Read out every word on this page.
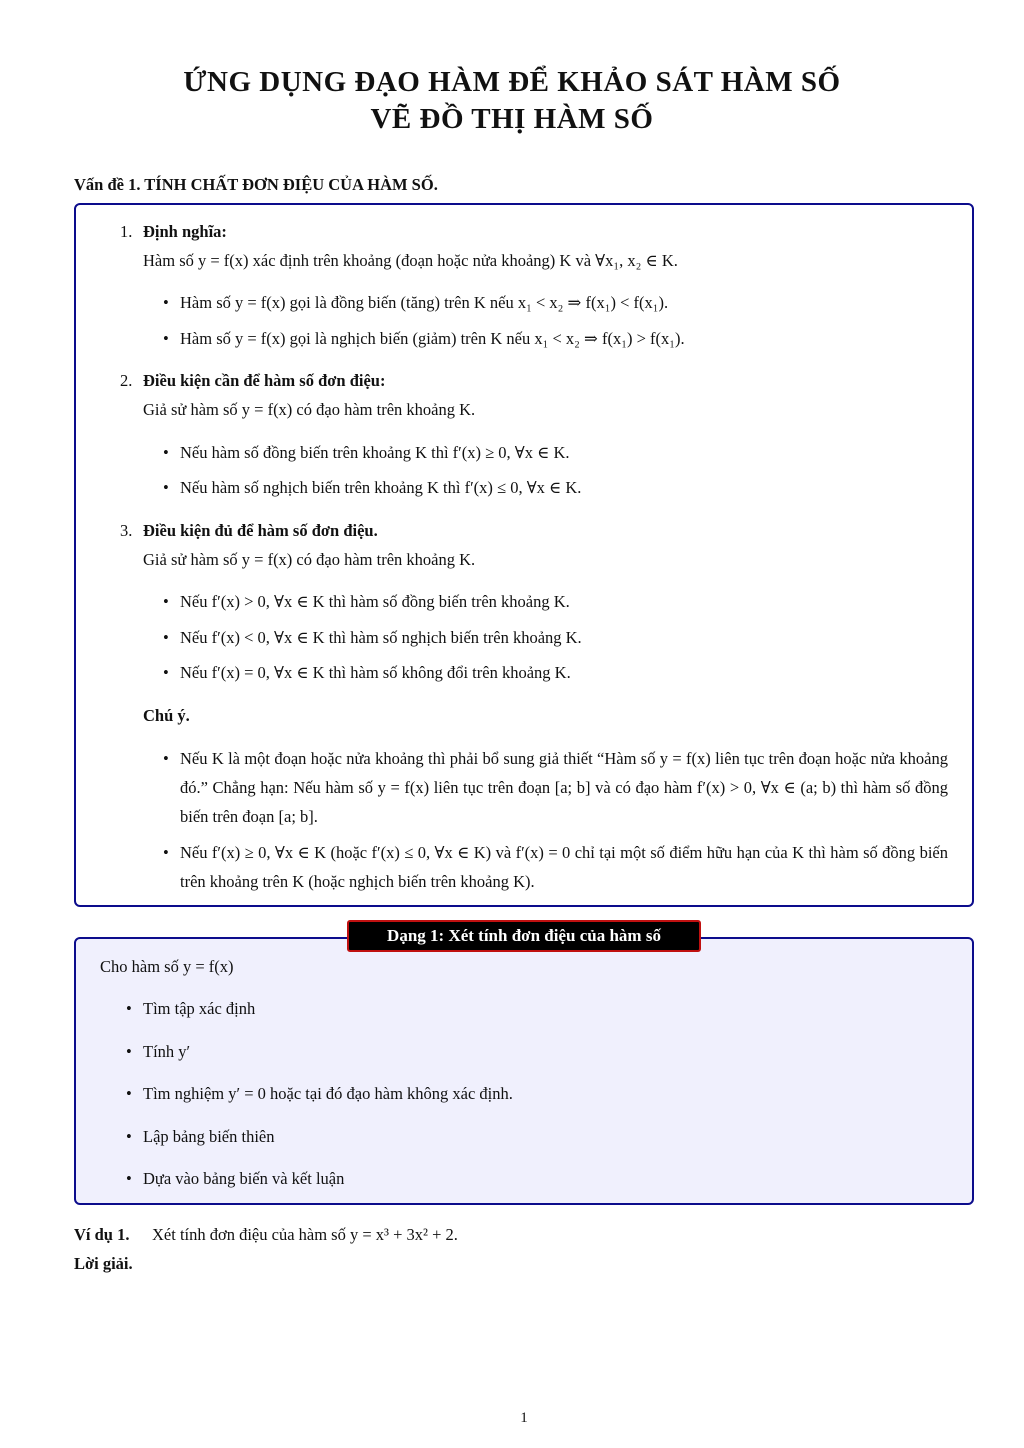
ỨNG DỤNG ĐẠO HÀM ĐỂ KHẢO SÁT HÀM SỐ
VẼ ĐỒ THỊ HÀM SỐ
Vấn đề 1. TÍNH CHẤT ĐƠN ĐIỆU CỦA HÀM SỐ.
1. Định nghĩa:
Hàm số y = f(x) xác định trên khoảng (đoạn hoặc nửa khoảng) K và ∀x₁, x₂ ∈ K.
• Hàm số y = f(x) gọi là đồng biến (tăng) trên K nếu x₁ < x₂ ⇒ f(x₁) < f(x₁).
• Hàm số y = f(x) gọi là nghịch biến (giảm) trên K nếu x₁ < x₂ ⇒ f(x₁) > f(x₁).
2. Điều kiện cần để hàm số đơn điệu:
Giả sử hàm số y = f(x) có đạo hàm trên khoảng K.
• Nếu hàm số đồng biến trên khoảng K thì f′(x) ≥ 0, ∀x ∈ K.
• Nếu hàm số nghịch biến trên khoảng K thì f′(x) ≤ 0, ∀x ∈ K.
3. Điều kiện đủ để hàm số đơn điệu.
Giả sử hàm số y = f(x) có đạo hàm trên khoảng K.
• Nếu f′(x) > 0, ∀x ∈ K thì hàm số đồng biến trên khoảng K.
• Nếu f′(x) < 0, ∀x ∈ K thì hàm số nghịch biến trên khoảng K.
• Nếu f′(x) = 0, ∀x ∈ K thì hàm số không đổi trên khoảng K.
Chú ý.
• Nếu K là một đoạn hoặc nửa khoảng thì phải bổ sung giả thiết “Hàm số y = f(x) liên tục trên đoạn hoặc nửa khoảng đó.” Chẳng hạn: Nếu hàm số y = f(x) liên tục trên đoạn [a; b] và có đạo hàm f′(x) > 0, ∀x ∈ (a; b) thì hàm số đồng biến trên đoạn [a; b].
• Nếu f′(x) ≥ 0, ∀x ∈ K (hoặc f′(x) ≤ 0, ∀x ∈ K) và f′(x) = 0 chỉ tại một số điểm hữu hạn của K thì hàm số đồng biến trên khoảng trên K (hoặc nghịch biến trên khoảng K).
Dạng 1: Xét tính đơn điệu của hàm số
Cho hàm số y = f(x)
• Tìm tập xác định
• Tính y′
• Tìm nghiệm y′ = 0 hoặc tại đó đạo hàm không xác định.
• Lập bảng biến thiên
• Dựa vào bảng biến và kết luận
Ví dụ 1. Xét tính đơn điệu của hàm số y = x³ + 3x² + 2.
Lời giải.
1
